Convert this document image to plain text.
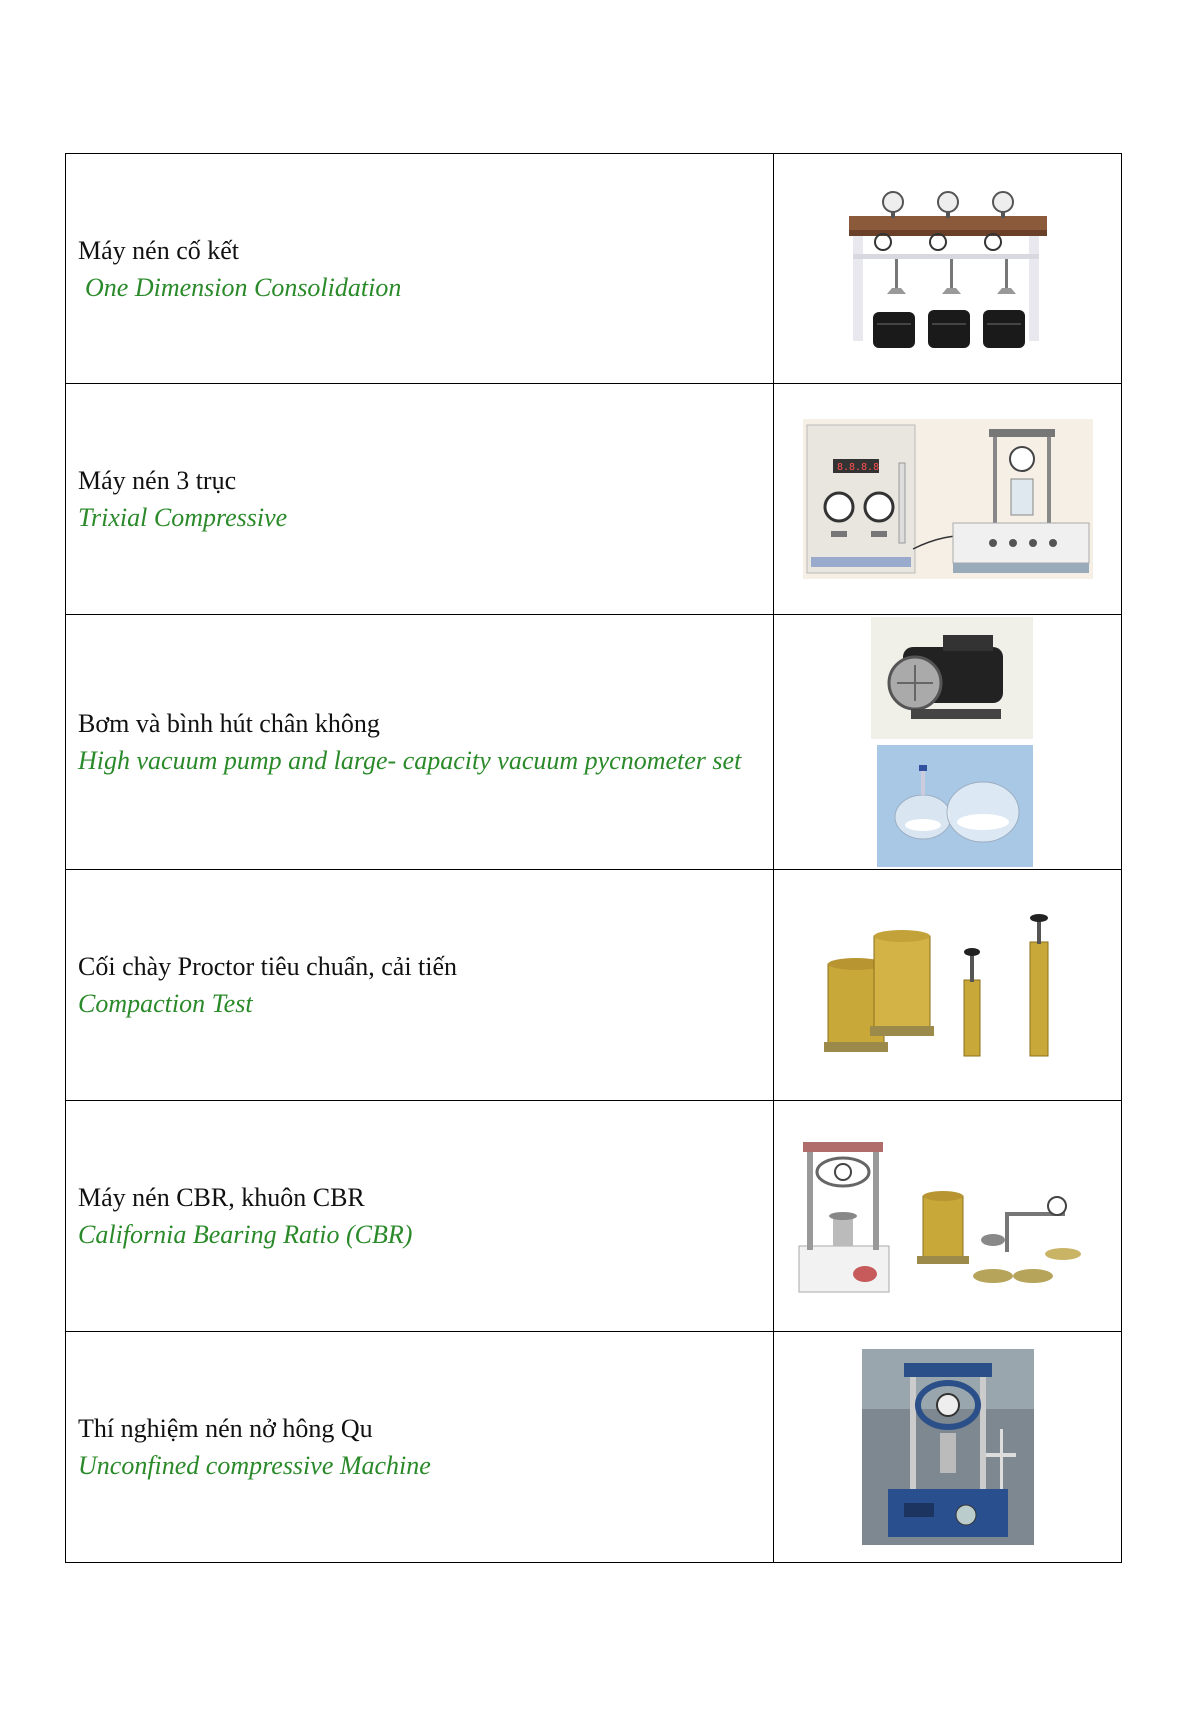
Máy nén cố kết
One Dimension Consolidation

Máy nén 3 trục
Trixial Compressive	8.8.8.8

Bơm và bình hút chân không
High vacuum pump and large- capacity vacuum pycnometer set

Cối chày Proctor tiêu chuẩn, cải tiến
Compaction Test

Máy nén CBR, khuôn CBR
California Bearing Ratio (CBR)

Thí nghiệm nén nở hông Qu
Unconfined compressive Machine
